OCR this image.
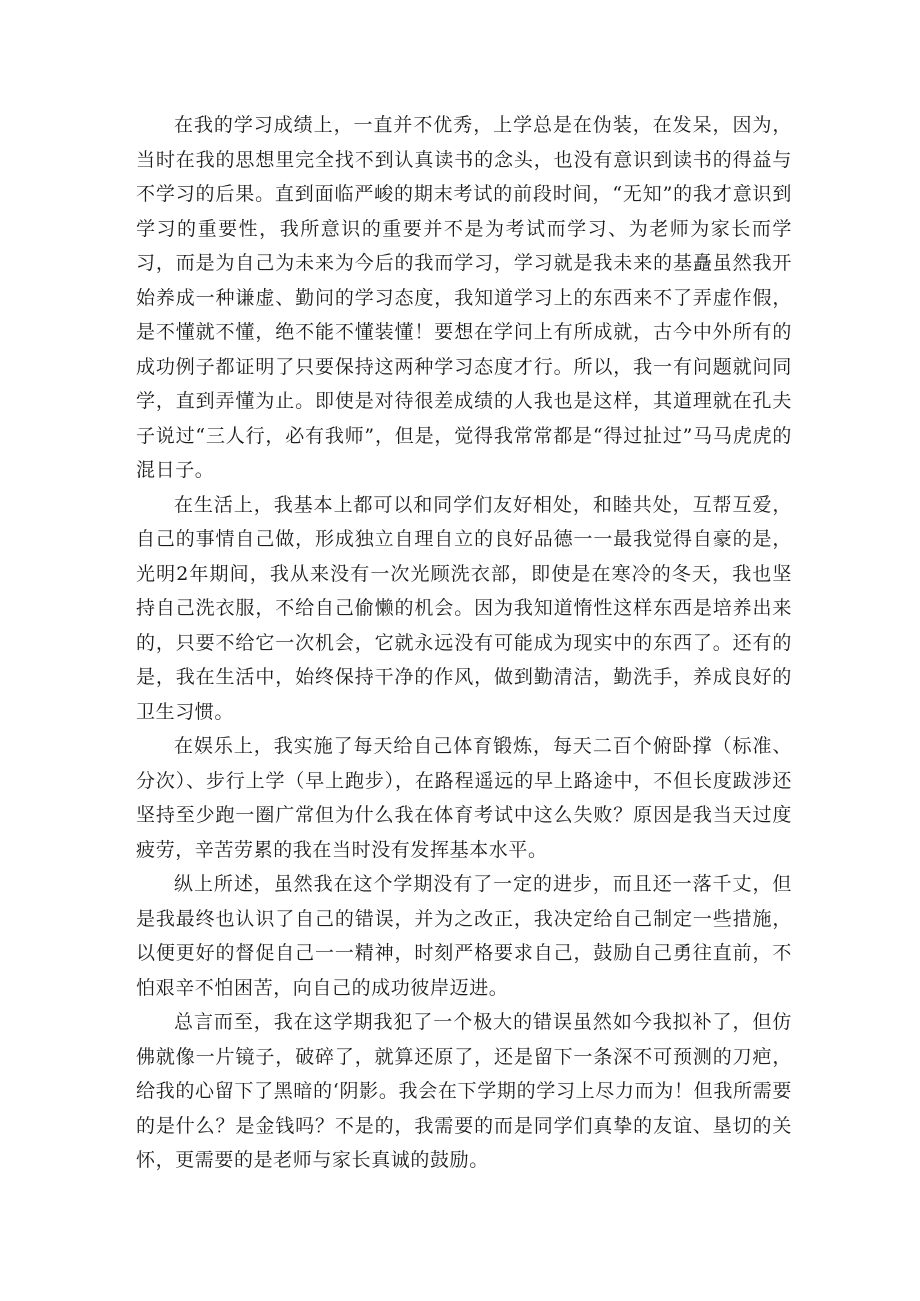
在我的学习成绩上，一直并不优秀，上学总是在伪装，在发呆，因为，当时在我的思想里完全找不到认真读书的念头，也没有意识到读书的得益与不学习的后果。直到面临严峻的期末考试的前段时间，“无知”的我才意识到学习的重要性，我所意识的重要并不是为考试而学习、为老师为家长而学习，而是为自己为未来为今后的我而学习，学习就是我未来的基矗虽然我开始养成一种谦虚、勤问的学习态度，我知道学习上的东西来不了弄虚作假，是不懂就不懂，绝不能不懂装懂！要想在学问上有所成就，古今中外所有的成功例子都证明了只要保持这两种学习态度才行。所以，我一有问题就问同学，直到弄懂为止。即使是对待很差成绩的人我也是这样，其道理就在孔夫子说过“三人行，必有我师”，但是，觉得我常常都是“得过扯过”马马虎虎的混日子。

在生活上，我基本上都可以和同学们友好相处，和睦共处，互帮互爱，自己的事情自己做，形成独立自理自立的良好品德一一最我觉得自豪的是，光明2年期间，我从来没有一次光顾洗衣部，即使是在寒冷的冬天，我也坚持自己洗衣服，不给自己偷懒的机会。因为我知道惰性这样东西是培养出来的，只要不给它一次机会，它就永远没有可能成为现实中的东西了。还有的是，我在生活中，始终保持干净的作风，做到勤清洁，勤洗手，养成良好的卫生习惯。

在娱乐上，我实施了每天给自己体育锻炼，每天二百个俯卧撑（标准、分次）、步行上学（早上跑步），在路程遥远的早上路途中，不但长度跋涉还坚持至少跑一圈广常但为什么我在体育考试中这么失败？原因是我当天过度疲劳，辛苦劳累的我在当时没有发挥基本水平。

纵上所述，虽然我在这个学期没有了一定的进步，而且还一落千丈，但是我最终也认识了自己的错误，并为之改正，我决定给自己制定一些措施，以便更好的督促自己一一精神，时刻严格要求自己，鼓励自己勇往直前，不怕艰辛不怕困苦，向自己的成功彼岸迈进。

总言而至，我在这学期我犯了一个极大的错误虽然如今我拟补了，但仿佛就像一片镜子，破碎了，就算还原了，还是留下一条深不可预测的刀疤，给我的心留下了黑暗的‘阴影。我会在下学期的学习上尽力而为！但我所需要的是什么？是金钱吗？不是的，我需要的而是同学们真挚的友谊、垦切的关怀，更需要的是老师与家长真诚的鼓励。
